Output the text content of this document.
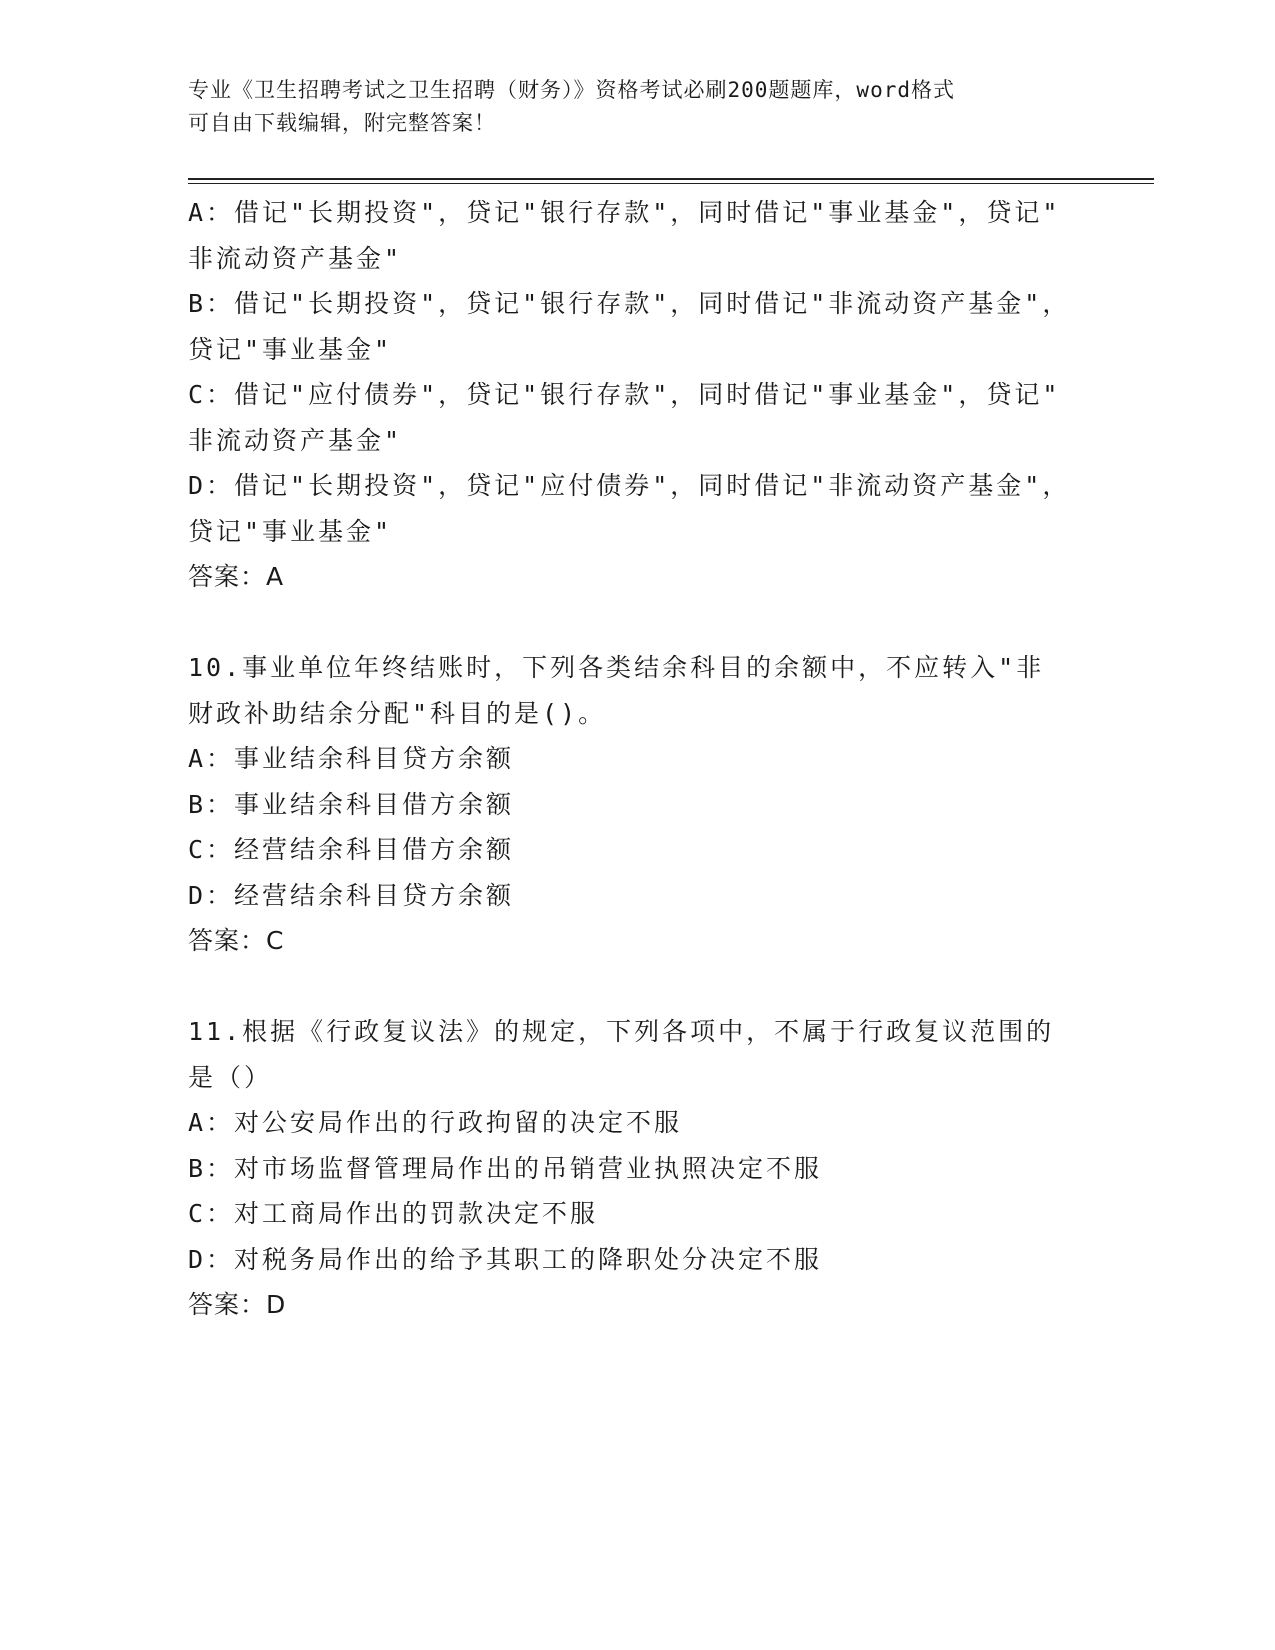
专业《卫生招聘考试之卫生招聘（财务）》资格考试必刷200题题库，word格式
可自由下载编辑，附完整答案！
A：借记"长期投资"，贷记"银行存款"，同时借记"事业基金"，贷记"
非流动资产基金"
B：借记"长期投资"，贷记"银行存款"，同时借记"非流动资产基金"，
贷记"事业基金"
C：借记"应付债券"，贷记"银行存款"，同时借记"事业基金"，贷记"
非流动资产基金"
D：借记"长期投资"，贷记"应付债券"，同时借记"非流动资产基金"，
贷记"事业基金"
答案：A
10.事业单位年终结账时，下列各类结余科目的余额中，不应转入"非
财政补助结余分配"科目的是()。
A：事业结余科目贷方余额
B：事业结余科目借方余额
C：经营结余科目借方余额
D：经营结余科目贷方余额
答案：C
11.根据《行政复议法》的规定，下列各项中，不属于行政复议范围的
是（）
A：对公安局作出的行政拘留的决定不服
B：对市场监督管理局作出的吊销营业执照决定不服
C：对工商局作出的罚款决定不服
D：对税务局作出的给予其职工的降职处分决定不服
答案：D
